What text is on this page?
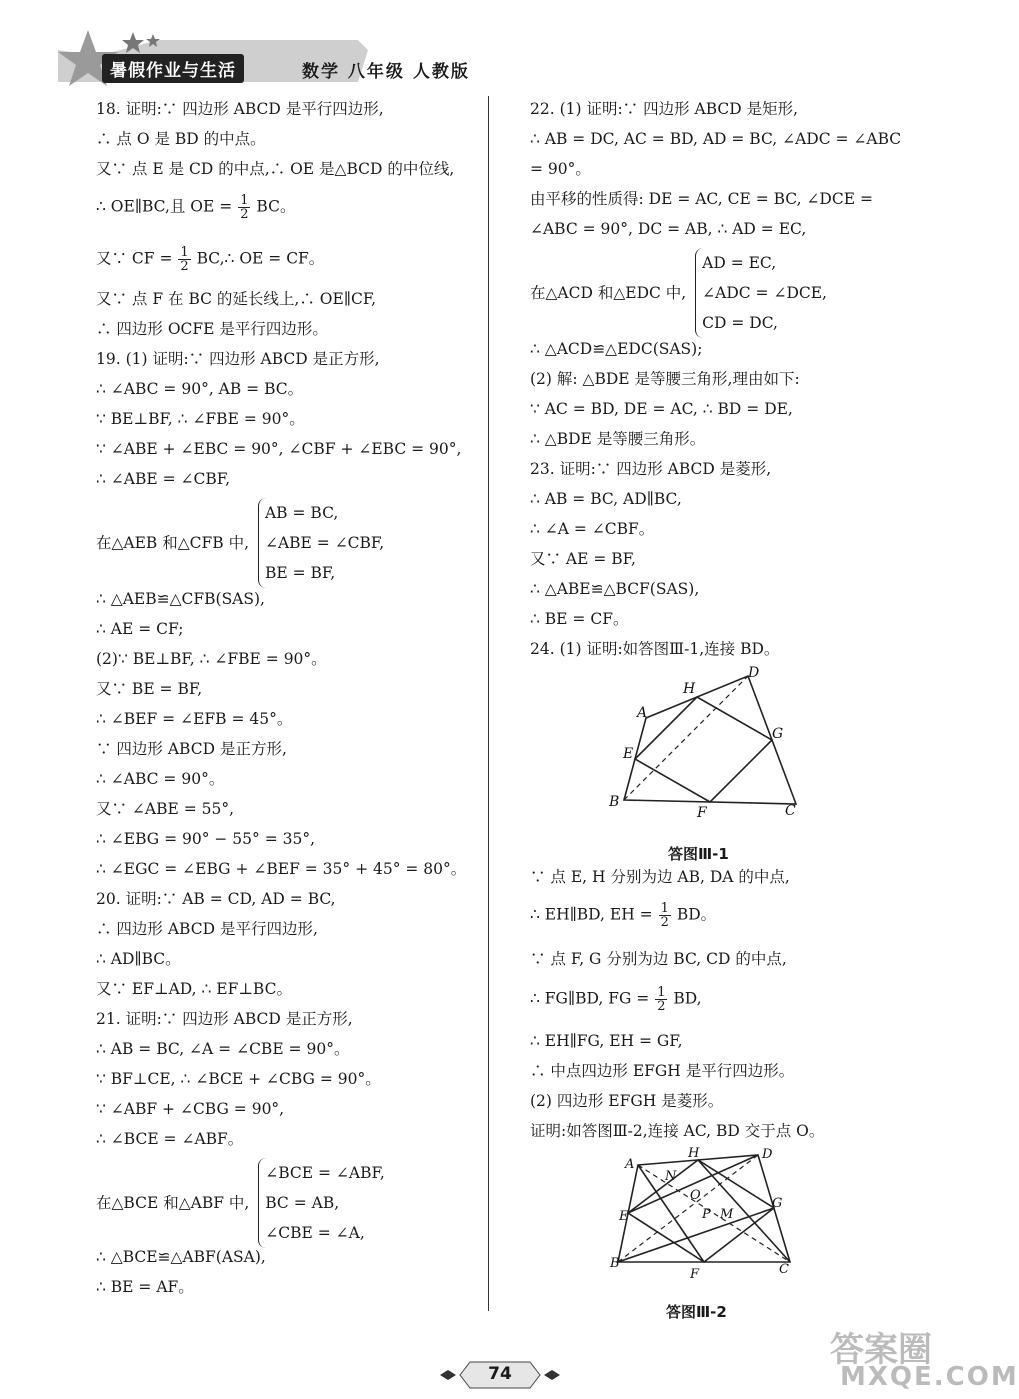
暑假作业与生活	数学 八年级 人教版
18. 证明:∵ 四边形 ABCD 是平行四边形,
∴ 点 O 是 BD 的中点。
又∵ 点 E 是 CD 的中点,∴ OE 是△BCD 的中位线,
∴ OE∥BC,且 OE = $\frac{1}{2}$ BC。
又∵ CF = $\frac{1}{2}$ BC,∴ OE = CF。
又∵ 点 F 在 BC 的延长线上,∴ OE∥CF,
∴ 四边形 OCFE 是平行四边形。
19. (1) 证明:∵ 四边形 ABCD 是正方形,
∴ ∠ABC = 90°, AB = BC。
∵ BE⊥BF, ∴ ∠FBE = 90°。
∵ ∠ABE + ∠EBC = 90°, ∠CBF + ∠EBC = 90°,
∴ ∠ABE = ∠CBF,
在△AEB 和△CFB 中,
AB = BC,
∠ABE = ∠CBF,
BE = BF,
∴ △AEB≌△CFB(SAS),
∴ AE = CF;
(2)∵ BE⊥BF, ∴ ∠FBE = 90°。
又∵ BE = BF,
∴ ∠BEF = ∠EFB = 45°。
∵ 四边形 ABCD 是正方形,
∴ ∠ABC = 90°。
又∵ ∠ABE = 55°,
∴ ∠EBG = 90° − 55° = 35°,
∴ ∠EGC = ∠EBG + ∠BEF = 35° + 45° = 80°。
20. 证明:∵ AB = CD, AD = BC,
∴ 四边形 ABCD 是平行四边形,
∴ AD∥BC。
又∵ EF⊥AD, ∴ EF⊥BC。
21. 证明:∵ 四边形 ABCD 是正方形,
∴ AB = BC, ∠A = ∠CBE = 90°。
∵ BF⊥CE, ∴ ∠BCE + ∠CBG = 90°。
∵ ∠ABF + ∠CBG = 90°,
∴ ∠BCE = ∠ABF。
在△BCE 和△ABF 中,
∠BCE = ∠ABF,
BC = AB,
∠CBE = ∠A,
∴ △BCE≌△ABF(ASA),
∴ BE = AF。
22. (1) 证明:∵ 四边形 ABCD 是矩形,
∴ AB = DC, AC = BD, AD = BC, ∠ADC = ∠ABC
= 90°。
由平移的性质得: DE = AC, CE = BC, ∠DCE =
∠ABC = 90°, DC = AB, ∴ AD = EC,
在△ACD 和△EDC 中,
AD = EC,
∠ADC = ∠DCE,
CD = DC,
∴ △ACD≌△EDC(SAS);
(2) 解: △BDE 是等腰三角形,理由如下:
∵ AC = BD, DE = AC, ∴ BD = DE,
∴ △BDE 是等腰三角形。
23. 证明:∵ 四边形 ABCD 是菱形,
∴ AB = BC, AD∥BC,
∴ ∠A = ∠CBF。
又∵ AE = BF,
∴ △ABE≌△BCF(SAS),
∴ BE = CF。
24. (1) 证明:如答图Ⅲ-1,连接 BD。
D
H
A
G
E
B
F	C
答图Ⅲ-1
∵ 点 E, H 分别为边 AB, DA 的中点,
∴ EH∥BD, EH = $\frac{1}{2}$ BD。
∵ 点 F, G 分别为边 BC, CD 的中点,
∴ FG∥BD, FG = $\frac{1}{2}$ BD,
∴ EH∥FG, EH = GF,
∴ 中点四边形 EFGH 是平行四边形。
(2) 四边形 EFGH 是菱形。
证明:如答图Ⅲ-2,连接 AC, BD 交于点 O。
A
H	D
N
O
G
E	P M
B
F	C
答图Ⅲ-2
74
答案圈
MXQE.COM
